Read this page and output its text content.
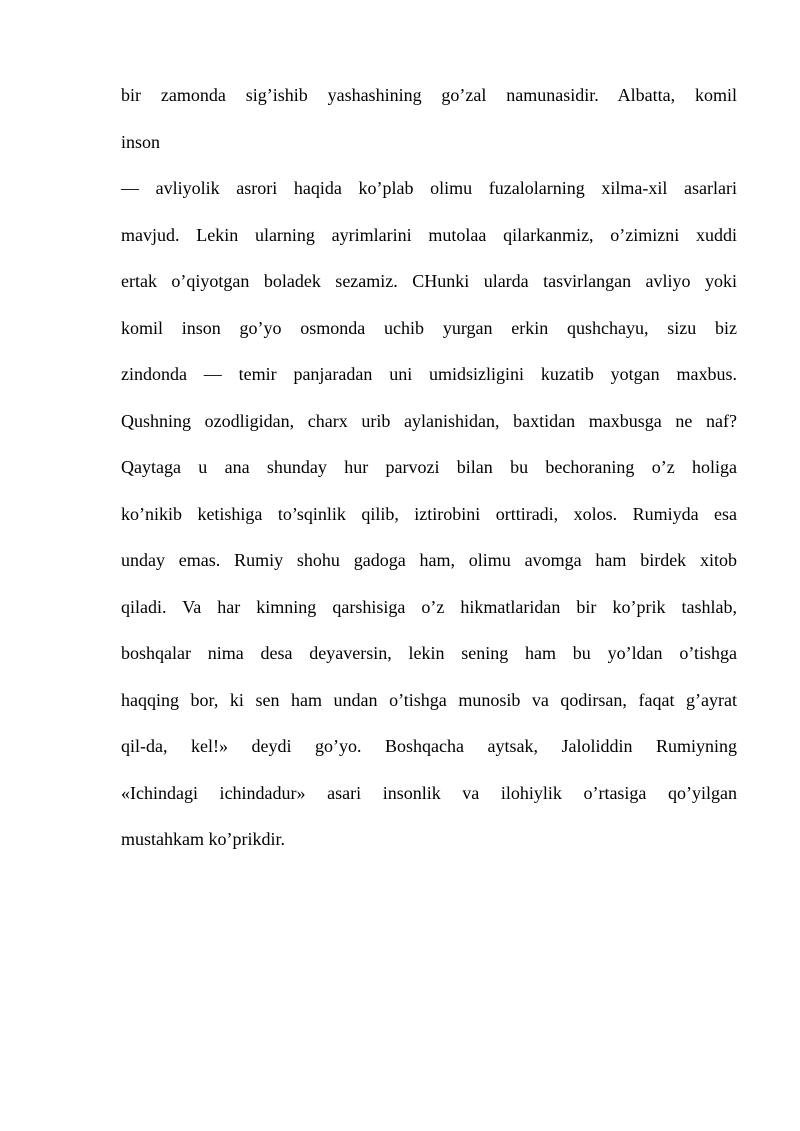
bir zamonda sig’ishib yashashining go’zal namunasidir. Albatta, komil
inson
— avliyolik asrori haqida ko’plab olimu fuzalolarning xilma-xil asarlari
mavjud. Lekin ularning ayrimlarini mutolaa qilarkanmiz, o’zimizni xuddi
ertak o’qiyotgan boladek sezamiz. CHunki ularda tasvirlangan avliyo yoki
komil inson go’yo osmonda uchib yurgan erkin qushchayu, sizu biz
zindonda — temir panjaradan uni umidsizligini kuzatib yotgan maxbus.
Qushning ozodligidan, charx urib aylanishidan, baxtidan maxbusga ne naf?
Qaytaga u ana shunday hur parvozi bilan bu bechoraning o’z holiga
ko’nikib ketishiga to’sqinlik qilib, iztirobini orttiradi, xolos. Rumiyda esa
unday emas. Rumiy shohu gadoga ham, olimu avomga ham birdek xitob
qiladi. Va har kimning qarshisiga o’z hikmatlaridan bir ko’prik tashlab,
boshqalar nima desa deyaversin, lekin sening ham bu yo’ldan o’tishga
haqqing bor, ki sen ham undan o’tishga munosib va qodirsan, faqat g’ayrat
qil-da, kel!» deydi go’yo. Boshqacha aytsak, Jaloliddin Rumiyning
«Ichindagi ichindadur» asari insonlik va ilohiylik o’rtasiga qo’yilgan
mustahkam ko’prikdir.
